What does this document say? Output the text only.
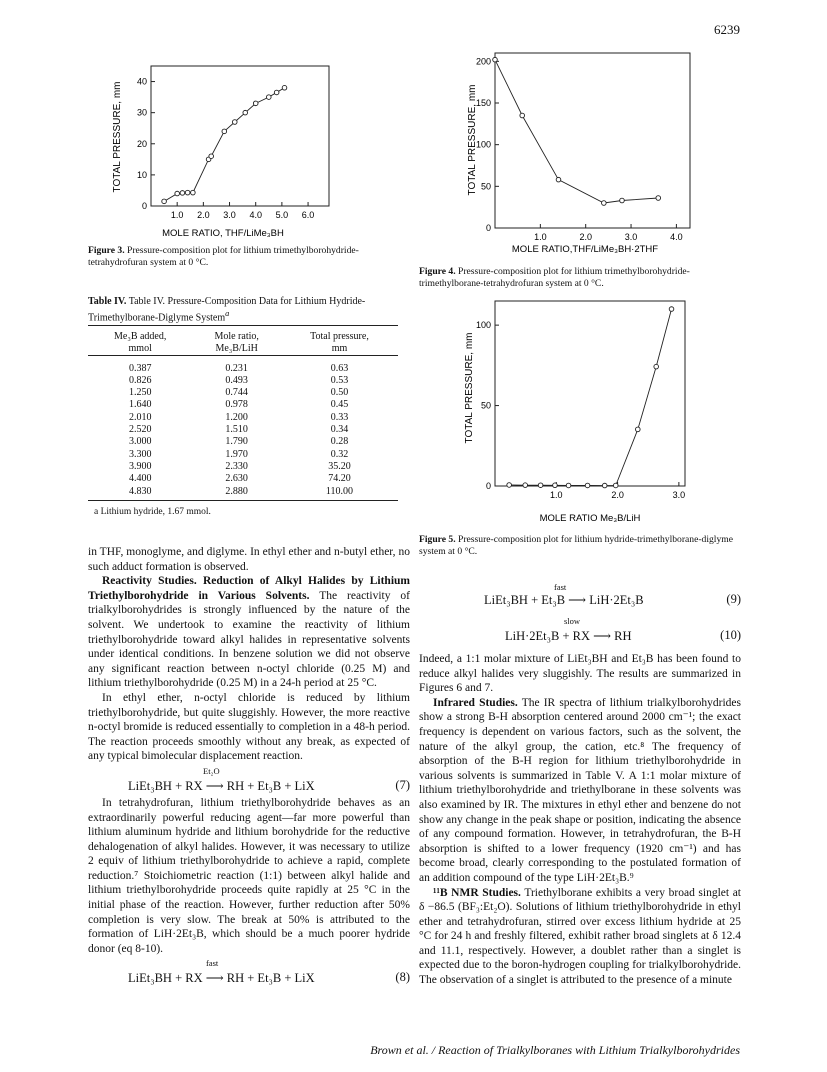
6239
TOTAL PRESSURE, mm
1.0 2.0 3.0 4.0 5.0 6.0
0
10
20
30
40
MOLE RATIO, THF/LiMe₃BH
Figure 3. Pressure-composition plot for lithium trimethylborohydride-tetrahydrofuran system at 0 °C.
TOTAL PRESSURE, mm
1.0	2.0	3.0	4.0
0
50
100
150
200
MOLE RATIO,THF/LiMe₃BH·2THF
Figure 4. Pressure-composition plot for lithium trimethylborohydride-trimethylborane-tetrahydrofuran system at 0 °C.
TOTAL PRESSURE, mm
1.0	2.0	3.0
0
50
100
MOLE RATIO Me₃B/LiH
Figure 5. Pressure-composition plot for lithium hydride-trimethylborane-diglyme system at 0 °C.
Table IV. Table IV. Pressure-Composition Data for Lithium Hydride-Trimethylborane-Diglyme System$^a$
Me₃B added,	Mole ratio,	Total pressure,
mmol	Me₃B/LiH	mm
0.387	0.231	0.63
0.826	0.493	0.53
1.250	0.744	0.50
1.640	0.978	0.45
2.010	1.200	0.33
2.520	1.510	0.34
3.000	1.790	0.28
3.300	1.970	0.32
3.900	2.330	35.20
4.400	2.630	74.20
4.830	2.880	110.00
a Lithium hydride, 1.67 mmol.

in THF, monoglyme, and diglyme. In ethyl ether and n-butyl ether, no such adduct formation is observed.

Reactivity Studies. Reduction of Alkyl Halides by Lithium Triethylborohydride in Various Solvents. The reactivity of trialkylborohydrides is strongly influenced by the nature of the solvent. We undertook to examine the reactivity of lithium triethylborohydride toward alkyl halides in representative solvents under identical conditions. In benzene solution we did not observe any significant reaction between n-octyl chloride (0.25 M) and lithium triethylborohydride (0.25 M) in a 24-h period at 25 °C.

In ethyl ether, n-octyl chloride is reduced by lithium triethylborohydride, but quite sluggishly. However, the more reactive n-octyl bromide is reduced essentially to completion in a 48-h period. The reaction proceeds smoothly without any break, as expected of any typical bimolecular displacement reaction.

Et₂O
LiEt₃BH + RX ⟶ RH + Et₃B + LiX	(7)

In tetrahydrofuran, lithium triethylborohydride behaves as an extraordinarily powerful reducing agent—far more powerful than lithium aluminum hydride and lithium borohydride for the reductive dehalogenation of alkyl halides. However, it was necessary to utilize 2 equiv of lithium triethylborohydride to achieve a rapid, complete reduction.⁷ Stoichiometric reaction (1:1) between alkyl halide and lithium triethylborohydride proceeds quite rapidly at 25 °C in the initial phase of the reaction. However, further reduction after 50% completion is very slow. The break at 50% is attributed to the formation of LiH·2Et₃B, which should be a much poorer hydride donor (eq 8-10).

fast
LiEt₃BH + RX ⟶ RH + Et₃B + LiX	(8)
fast
LiEt₃BH + Et₃B ⟶ LiH·2Et₃B	(9)
slow
LiH·2Et₃B + RX ⟶ RH	(10)

Indeed, a 1:1 molar mixture of LiEt₃BH and Et₃B has been found to reduce alkyl halides very sluggishly. The results are summarized in Figures 6 and 7.

Infrared Studies. The IR spectra of lithium trialkylborohydrides show a strong B-H absorption centered around 2000 cm⁻¹; the exact frequency is dependent on various factors, such as the solvent, the nature of the alkyl group, the cation, etc.⁸ The frequency of absorption of the B-H region for lithium triethylborohydride in various solvents is summarized in Table V. A 1:1 molar mixture of lithium triethylborohydride and triethylborane in these solvents was also examined by IR. The mixtures in ethyl ether and benzene do not show any change in the peak shape or position, indicating the absence of any compound formation. However, in tetrahydrofuran, the B-H absorption is shifted to a lower frequency (1920 cm⁻¹) and has become broad, clearly corresponding to the postulated formation of an addition compound of the type LiH·2Et₃B.⁹

¹¹B NMR Studies. Triethylborane exhibits a very broad singlet at δ −86.5 (BF₃:Et₂O). Solutions of lithium triethylborohydride in ethyl ether and tetrahydrofuran, stirred over excess lithium hydride at 25 °C for 24 h and freshly filtered, exhibit rather broad singlets at δ 12.4 and 11.1, respectively. However, a doublet rather than a singlet is expected due to the boron-hydrogen coupling for trialkylborohydride. The observation of a singlet is attributed to the presence of a minute

Brown et al. / Reaction of Trialkylboranes with Lithium Trialkylborohydrides
